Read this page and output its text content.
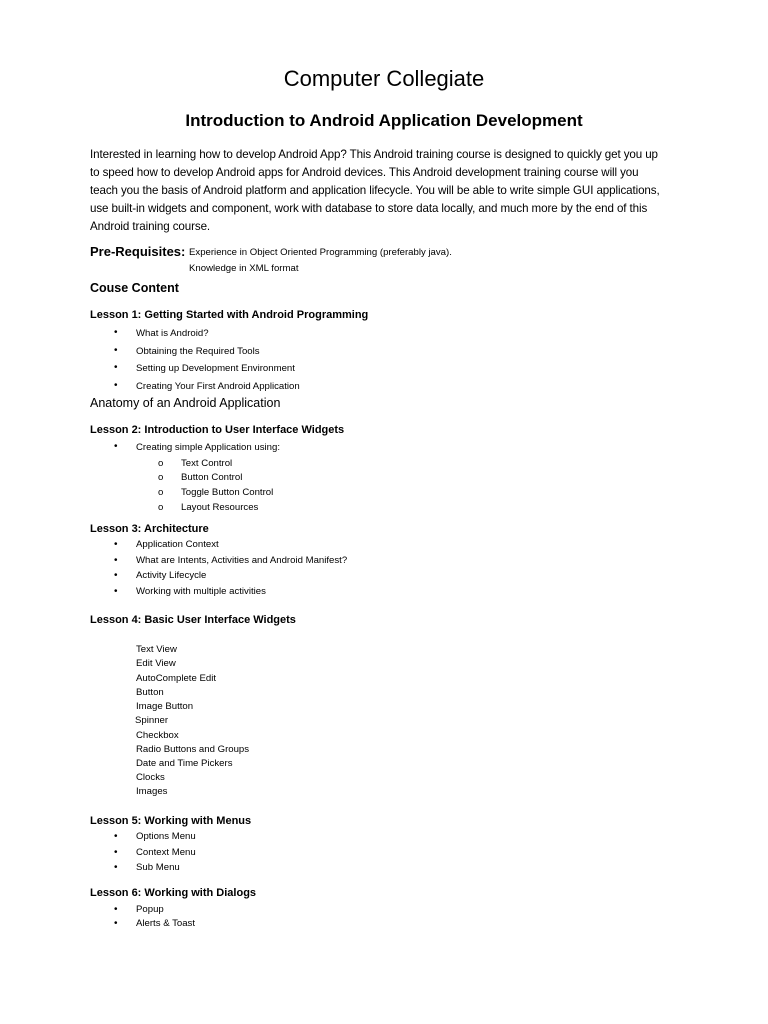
Computer Collegiate
Introduction to Android Application Development
Interested in learning how to develop Android App? This Android training course is designed to quickly get you up
to speed how to develop Android apps for Android devices. This Android development training course will you
teach you the basis of Android platform and application lifecycle. You will be able to write simple GUI applications,
use built-in widgets and component, work with database to store data locally, and much more by the end of this
Android training course.
Pre-Requisites: Experience in Object Oriented Programming (preferably java).
Knowledge in XML format
Couse Content
Lesson 1: Getting Started with Android Programming
• What is Android?
• Obtaining the Required Tools
• Setting up Development Environment
• Creating Your First Android Application
Anatomy of an Android Application
Lesson 2: Introduction to User Interface Widgets
• Creating simple Application using:
o Text Control
o Button Control
o Toggle Button Control
o Layout Resources
Lesson 3: Architecture
• Application Context
• What are Intents, Activities and Android Manifest?
• Activity Lifecycle
• Working with multiple activities
Lesson 4: Basic User Interface Widgets
Text View
Edit View
AutoComplete Edit
Button
Image Button
Spinner
Checkbox
Radio Buttons and Groups
Date and Time Pickers
Clocks
Images
Lesson 5: Working with Menus
• Options Menu
• Context Menu
• Sub Menu
Lesson 6: Working with Dialogs
• Popup
• Alerts & Toast
